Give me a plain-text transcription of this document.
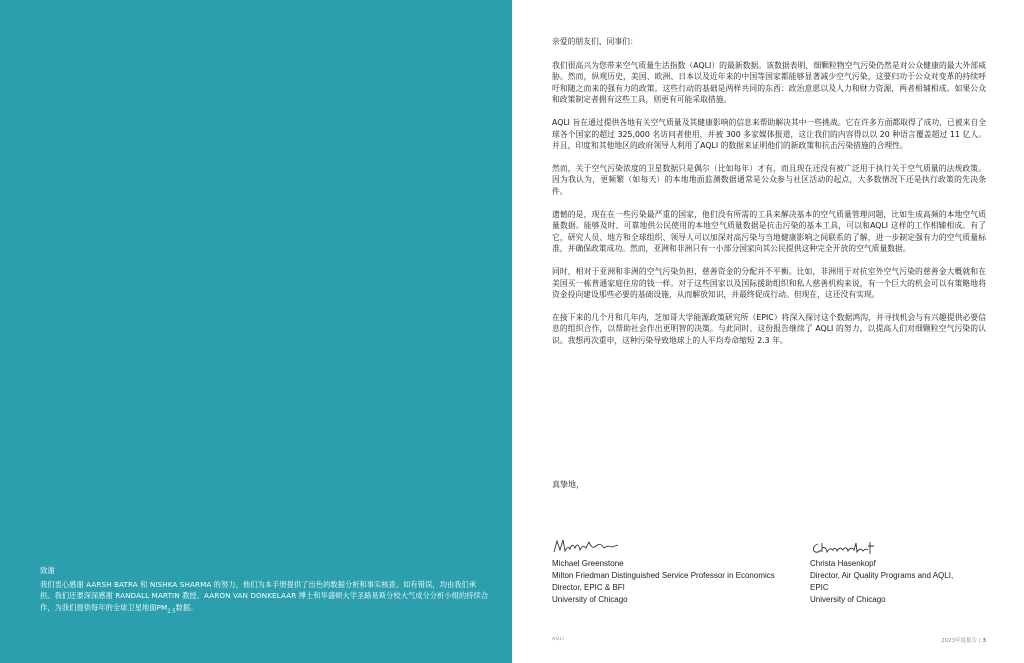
致谢
我们衷心感谢 AARSH BATRA 和 NISHKA SHARMA 的努力，他们为本手册提供了出色的数据分析和事实核查。如有错误，均由我们承担。我们还要深深感谢 RANDALL MARTIN 教授、AARON VAN DONKELAAR 博士和华盛顿大学圣路易斯分校大气成分分析小组的持续合作，为我们提供每年的全球卫星地面$PM_{2.5}$数据。

亲爱的朋友们、同事们：

我们很高兴为您带来空气质量生活指数（AQLI）的最新数据。该数据表明，细颗粒物空气污染仍然是对公众健康的最大外部威胁。然而，纵观历史，美国、欧洲、日本以及近年来的中国等国家都能够显著减少空气污染，这要归功于公众对变革的持续呼吁和随之而来的强有力的政策。这些行动的基础是两样共同的东西：政治意愿以及人力和财力资源，两者相辅相成。如果公众和政策制定者拥有这些工具，则更有可能采取措施。

AQLI 旨在通过提供各地有关空气质量及其健康影响的信息来帮助解决其中一些挑战。它在许多方面都取得了成功，已被来自全球各个国家的超过 325,000 名访问者使用，并被 300 多家媒体报道，这让我们的内容得以以 20 种语言覆盖超过 11 亿人。并且，印度和其他地区的政府领导人利用了AQLI 的数据来证明他们的新政策和抗击污染措施的合理性。

然而，关于空气污染浓度的卫星数据只是偶尔（比如每年）才有，而且现在还没有被广泛用于执行关于空气质量的法规政策。因为我认为，更频繁（如每天）的本地地面监测数据通常是公众参与社区活动的起点，大多数情况下还是执行政策的先决条件。

遗憾的是，现在在一些污染最严重的国家，他们没有所需的工具来解决基本的空气质量管理问题，比如生成高频的本地空气质量数据。能够及时、可靠地供公民使用的本地空气质量数据是抗击污染的基本工具，可以和AQLI 这样的工作相辅相成。有了它，研究人员、地方和全球组织、领导人可以加深对高污染与当地健康影响之间联系的了解，进一步制定强有力的空气质量标准，并确保政策成功。然而，亚洲和非洲只有一小部分国家向其公民提供这种完全开放的空气质量数据。

同时，相对于亚洲和非洲的空气污染负担，慈善资金的分配并不平衡。比如，非洲用于对抗室外空气污染的慈善金大概就和在美国买一栋普通家庭住房的钱一样。对于这些国家以及国际援助组织和私人慈善机构来说，有一个巨大的机会可以有策略地将资金投向建设那些必要的基础设施，从而解放知识，并最终促成行动。但现在，这还没有实现。

在接下来的几个月和几年内，芝加哥大学能源政策研究所（EPIC）将深入探讨这个数据鸿沟，并寻找机会与有兴趣提供必要信息的组织合作，以帮助社会作出更明智的决策。与此同时，这份报告继续了 AQLI 的努力，以提高人们对细颗粒空气污染的认识。我想再次重申，这种污染导致地球上的人平均寿命缩短 2.3 年。

真挚地，
Michael Greenstone
Milton Friedman Distinguished Service Professor in Economics
Director, EPIC & BFI
University of Chicago
Christa Hasenkopf
Director, Air Quality Programs and AQLI,
EPIC
University of Chicago
AQLI	2023年度报告 | 3
